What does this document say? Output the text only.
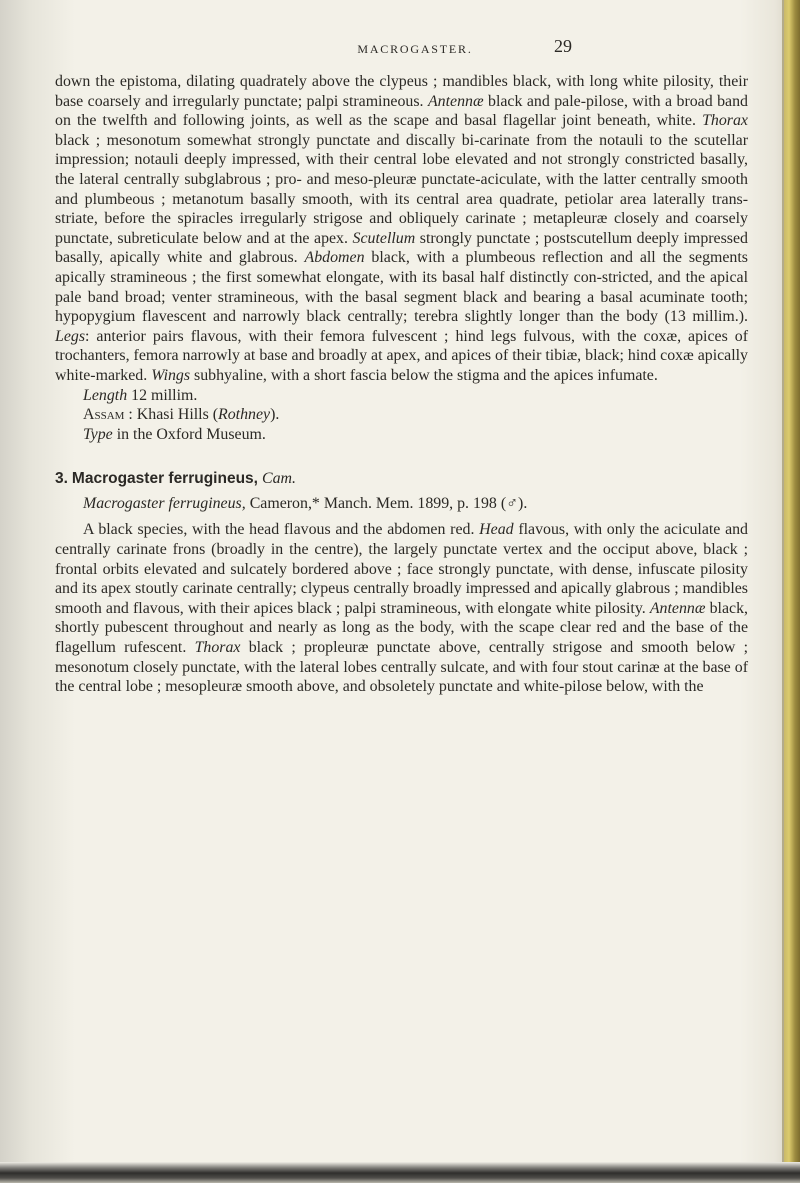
MACROGASTER.	29

down the epistoma, dilating quadrately above the clypeus ; mandibles black, with long white pilosity, their base coarsely and irregularly punctate; palpi stramineous. Antennæ black and pale-pilose, with a broad band on the twelfth and following joints, as well as the scape and basal flagellar joint beneath, white. Thorax black ; mesonotum somewhat strongly punctate and discally bi-carinate from the notauli to the scutellar impression; notauli deeply impressed, with their central lobe elevated and not strongly constricted basally, the lateral centrally subglabrous ; pro- and meso-pleuræ punctate-aciculate, with the latter centrally smooth and plumbeous ; metanotum basally smooth, with its central area quadrate, petiolar area laterally trans-striate, before the spiracles irregularly strigose and obliquely carinate ; metapleuræ closely and coarsely punctate, subreticulate below and at the apex. Scutellum strongly punctate ; postscutellum deeply impressed basally, apically white and glabrous. Abdomen black, with a plumbeous reflection and all the segments apically stramineous ; the first somewhat elongate, with its basal half distinctly con-stricted, and the apical pale band broad; venter stramineous, with the basal segment black and bearing a basal acuminate tooth; hypopygium flavescent and narrowly black centrally; terebra slightly longer than the body (13 millim.). Legs: anterior pairs flavous, with their femora fulvescent ; hind legs fulvous, with the coxæ, apices of trochanters, femora narrowly at base and broadly at apex, and apices of their tibiæ, black; hind coxæ apically white-marked. Wings subhyaline, with a short fascia below the stigma and the apices infumate.
Length 12 millim.
Assam : Khasi Hills (Rothney).
Type in the Oxford Museum.

3. Macrogaster ferrugineus, Cam.

Macrogaster ferrugineus, Cameron,* Manch. Mem. 1899, p. 198 (♂).

A black species, with the head flavous and the abdomen red. Head flavous, with only the aciculate and centrally carinate frons (broadly in the centre), the largely punctate vertex and the occiput above, black ; frontal orbits elevated and sulcately bordered above ; face strongly punctate, with dense, infuscate pilosity and its apex stoutly carinate centrally; clypeus centrally broadly impressed and apically glabrous ; mandibles smooth and flavous, with their apices black ; palpi stramineous, with elongate white pilosity. Antennæ black, shortly pubescent throughout and nearly as long as the body, with the scape clear red and the base of the flagellum rufescent. Thorax black ; propleuræ punctate above, centrally strigose and smooth below ; mesonotum closely punctate, with the lateral lobes centrally sulcate, and with four stout carinæ at the base of the central lobe ; mesopleuræ smooth above, and obsoletely punctate and white-pilose below, with the
